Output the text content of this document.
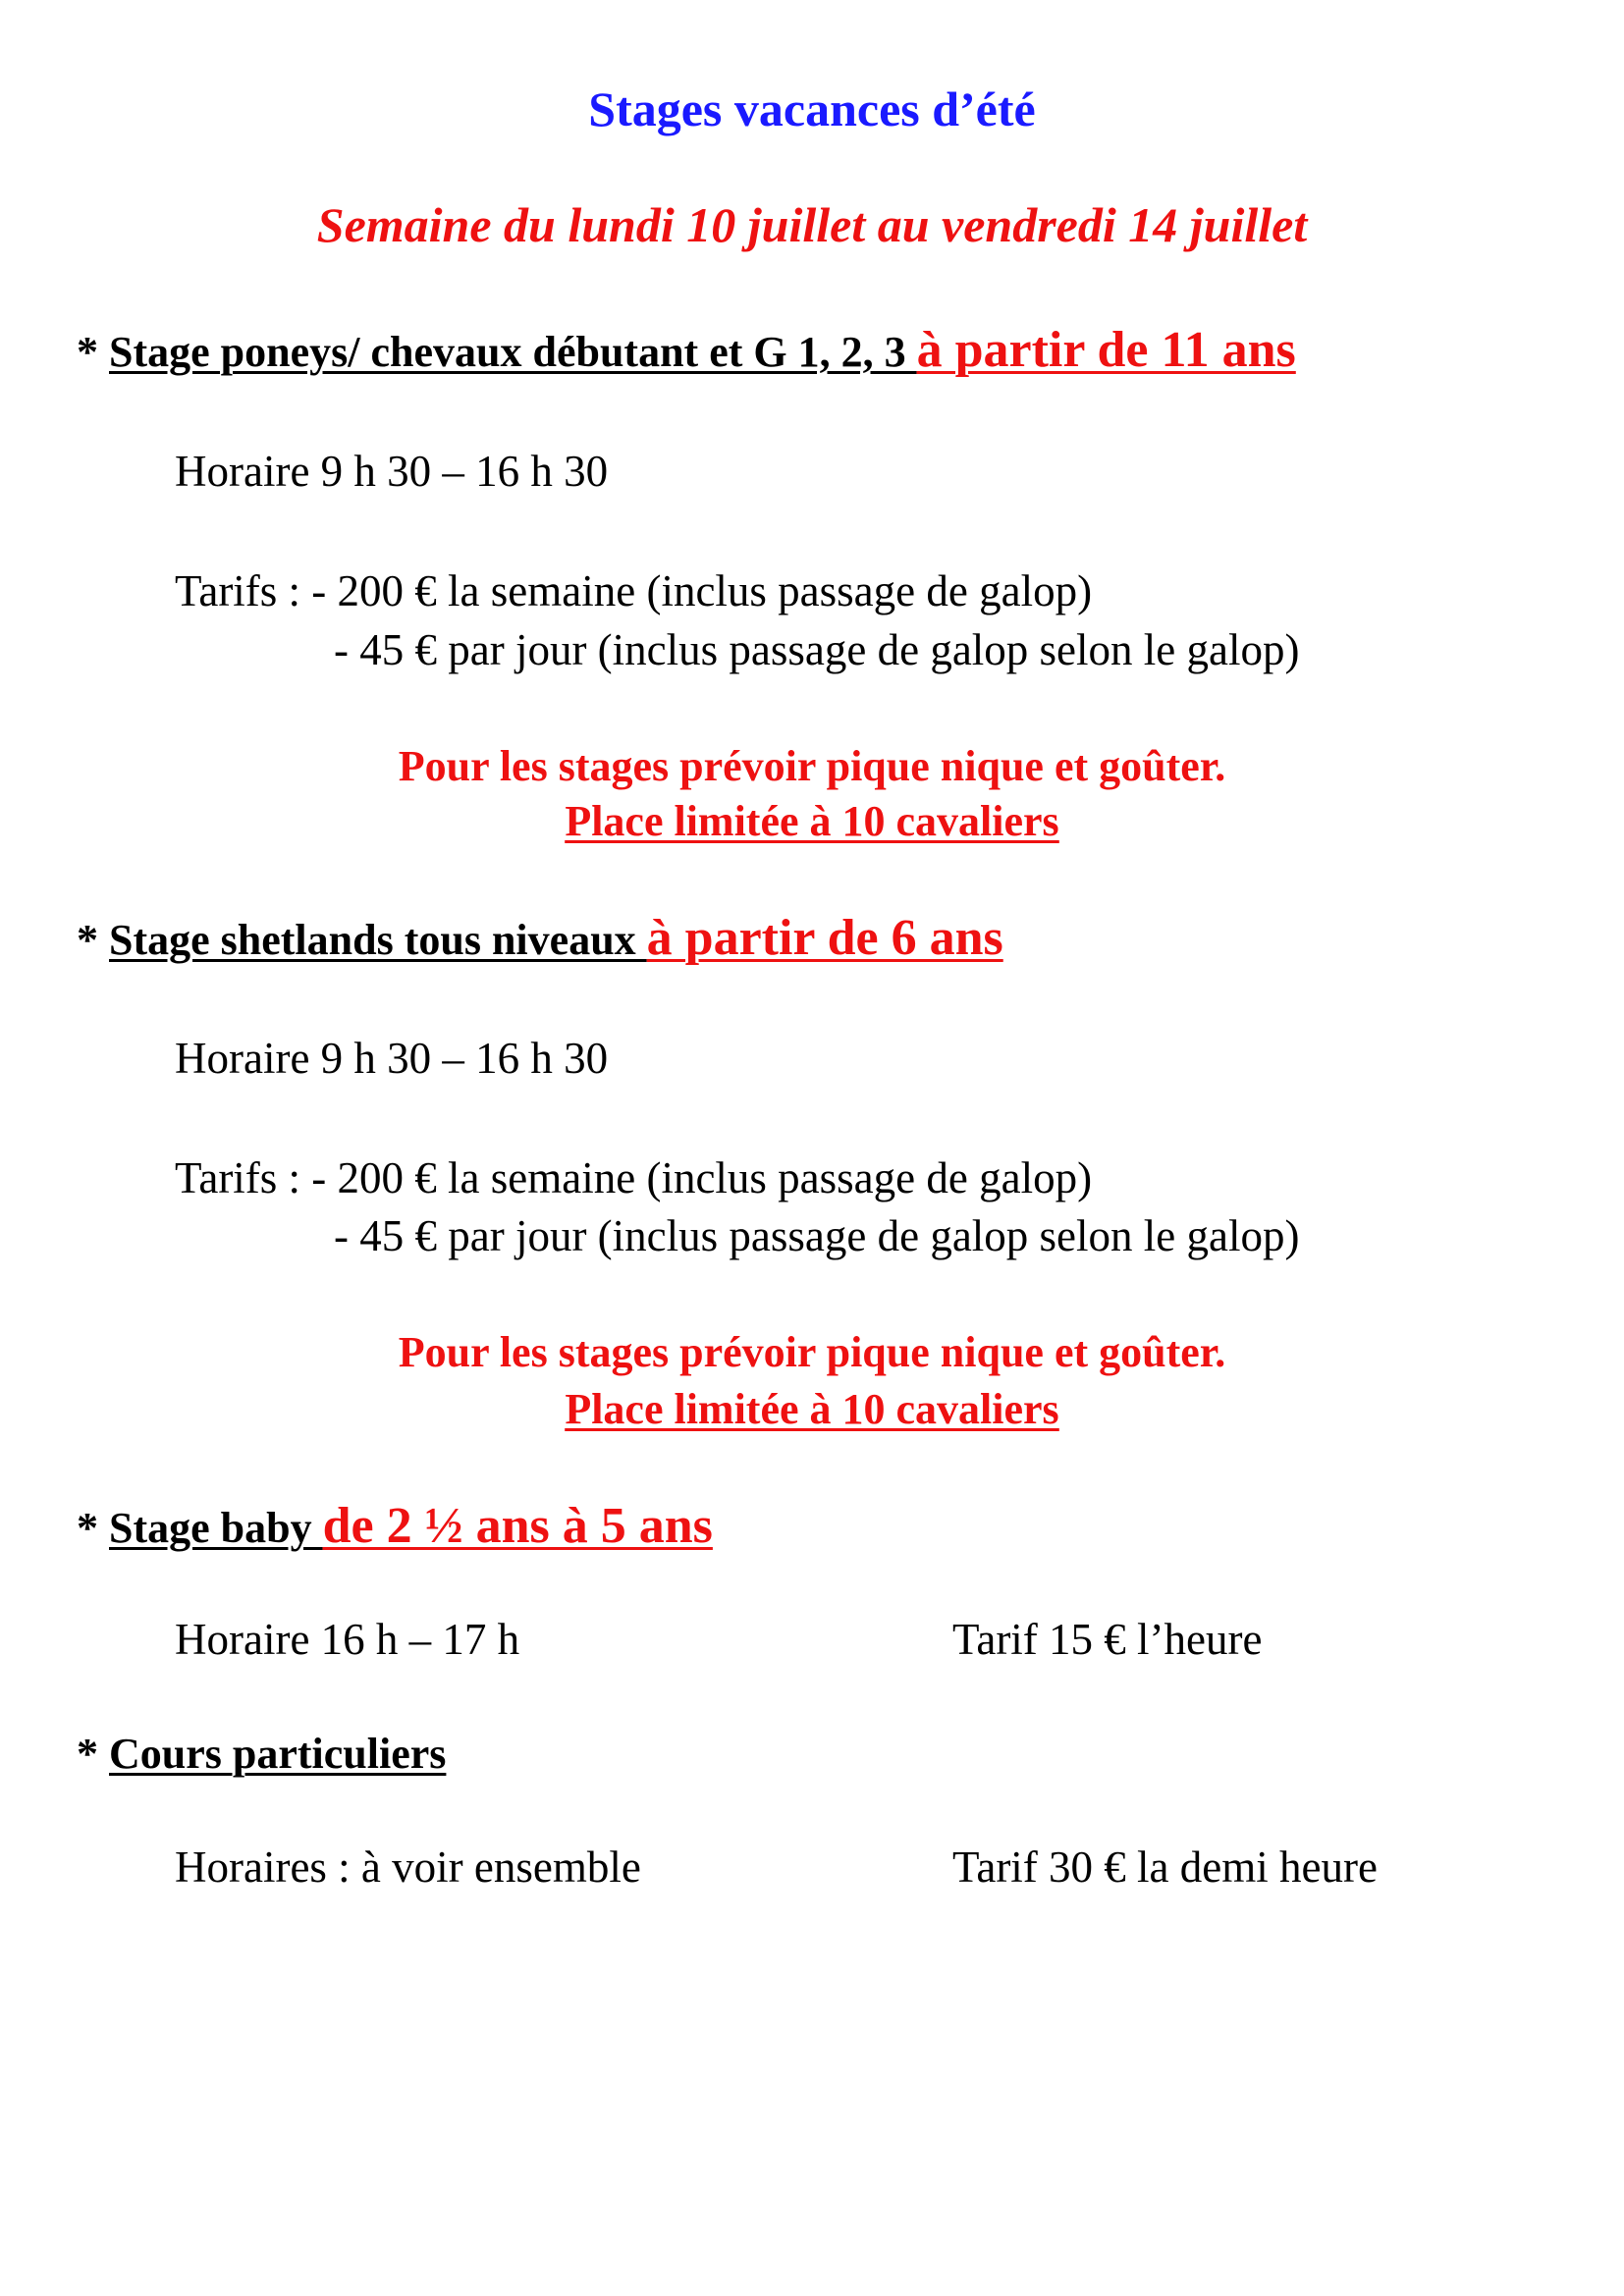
Stages vacances d’été
Semaine du lundi 10 juillet au vendredi 14 juillet
* Stage poneys/ chevaux débutant et G 1, 2, 3 à partir de 11 ans
Horaire 9 h 30 – 16 h 30
Tarifs : - 200 € la semaine (inclus passage de galop)
- 45 € par jour (inclus passage de galop selon le galop)
Pour les stages prévoir pique nique et goûter.
Place limitée à 10 cavaliers
* Stage shetlands tous niveaux à partir de 6 ans
Horaire 9 h 30 – 16 h 30
Tarifs : - 200 € la semaine (inclus passage de galop)
- 45 € par jour (inclus passage de galop selon le galop)
Pour les stages prévoir pique nique et goûter.
Place limitée à 10 cavaliers
* Stage baby de 2 ½ ans à 5 ans
Horaire 16 h – 17 h	Tarif 15 € l’heure
* Cours particuliers
Horaires : à voir ensemble	Tarif 30 € la demi heure
